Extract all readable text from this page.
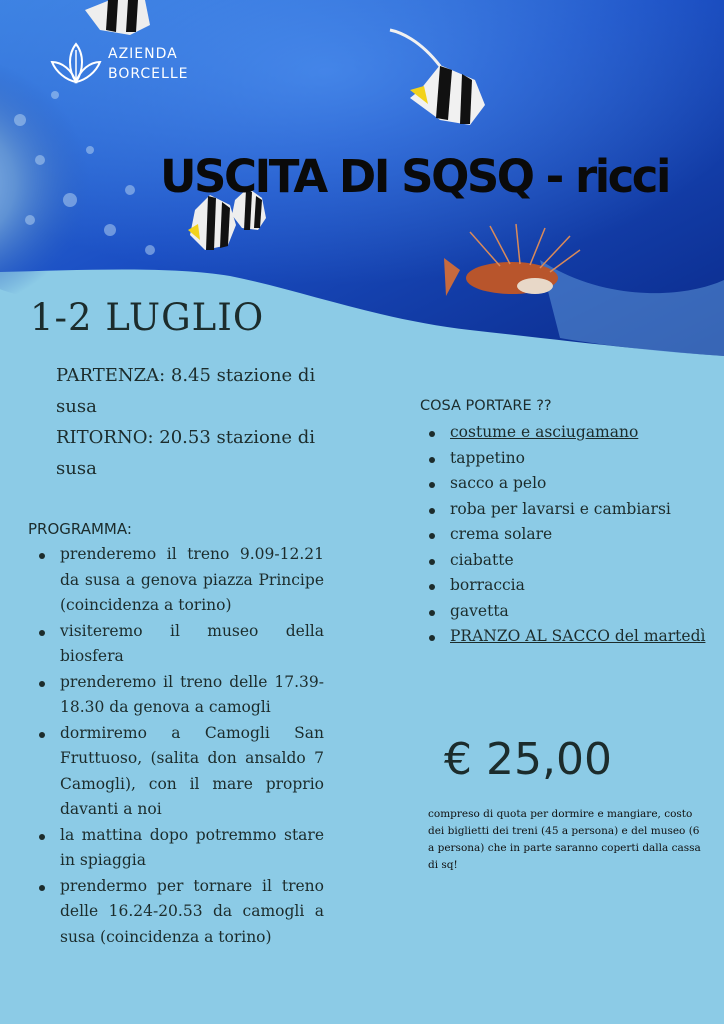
AZIENDA
BORCELLE
USCITA DI SQSQ - ricci
1-2 LUGLIO

PARTENZA: 8.45 stazione di susa

RITORNO: 20.53 stazione di susa

PROGRAMMA:
prenderemo il treno 9.09-12.21 da susa a genova piazza Principe (coincidenza a torino)
visiteremo il museo della biosfera
prenderemo il treno delle 17.39-18.30 da genova a camogli
dormiremo a Camogli San Fruttuoso, (salita don ansaldo 7 Camogli), con il mare proprio davanti a noi
la mattina dopo potremmo stare in spiaggia
prendermo per tornare il treno delle 16.24-20.53 da camogli a susa (coincidenza a torino)
COSA PORTARE ??
costume e asciugamano
tappetino
sacco a pelo
roba per lavarsi e cambiarsi
crema solare
ciabatte
borraccia
gavetta
PRANZO AL SACCO del martedì
€ 25,00
compreso di quota per dormire e mangiare, costo dei biglietti dei treni (45 a persona) e del museo (6 a persona) che in parte saranno coperti dalla cassa di sq!
